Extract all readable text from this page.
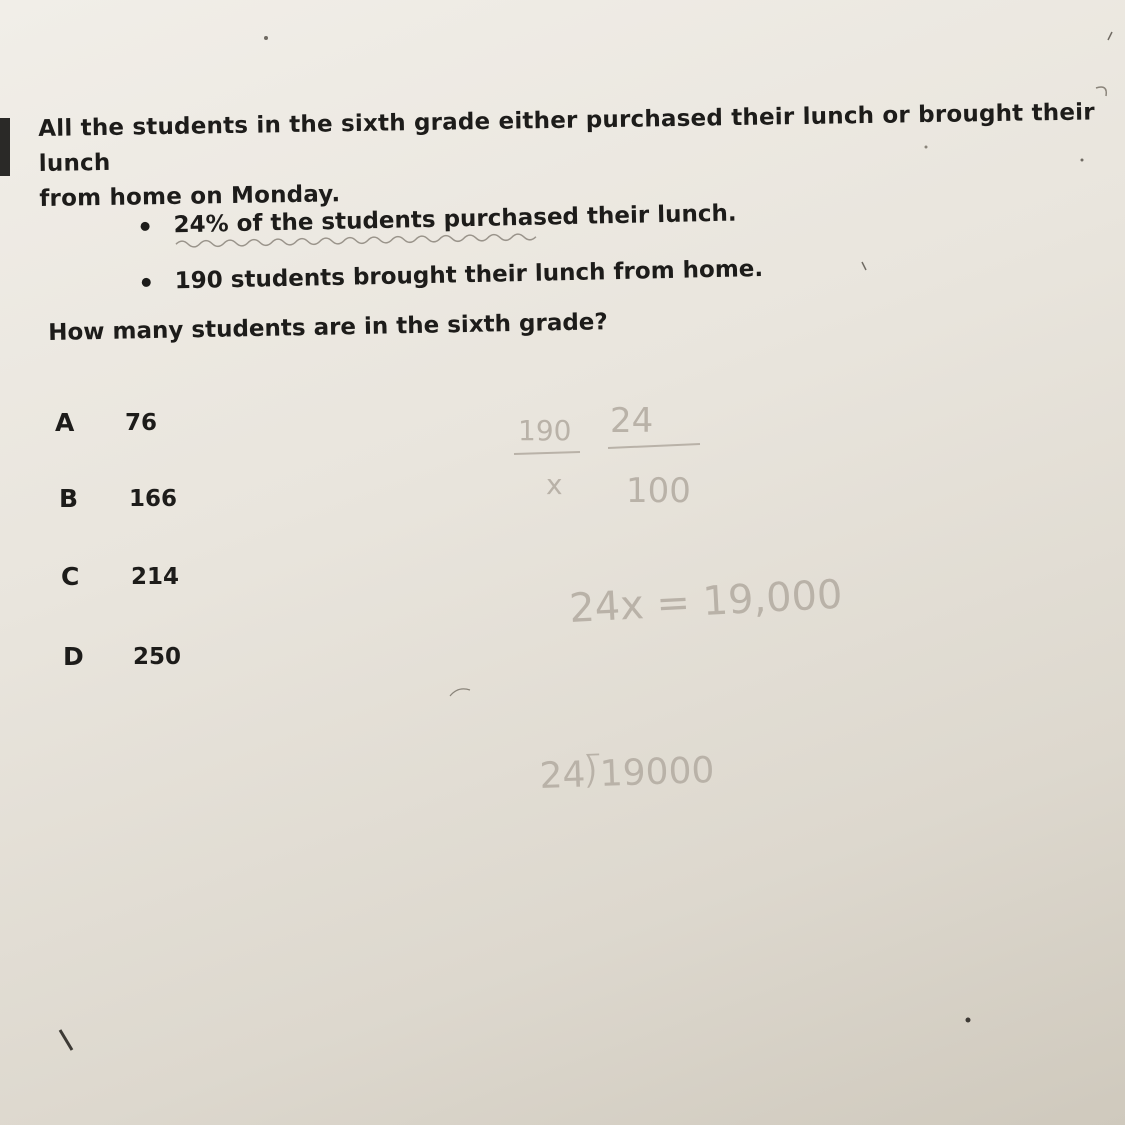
All the students in the sixth grade either purchased their lunch or brought their lunch
from home on Monday.
24% of the students purchased their lunch.
190 students brought their lunch from home.
How many students are in the sixth grade?
A	76
B	166
C	214
D	250
190
x
24
100
24x = 19,000
24⟌19000
